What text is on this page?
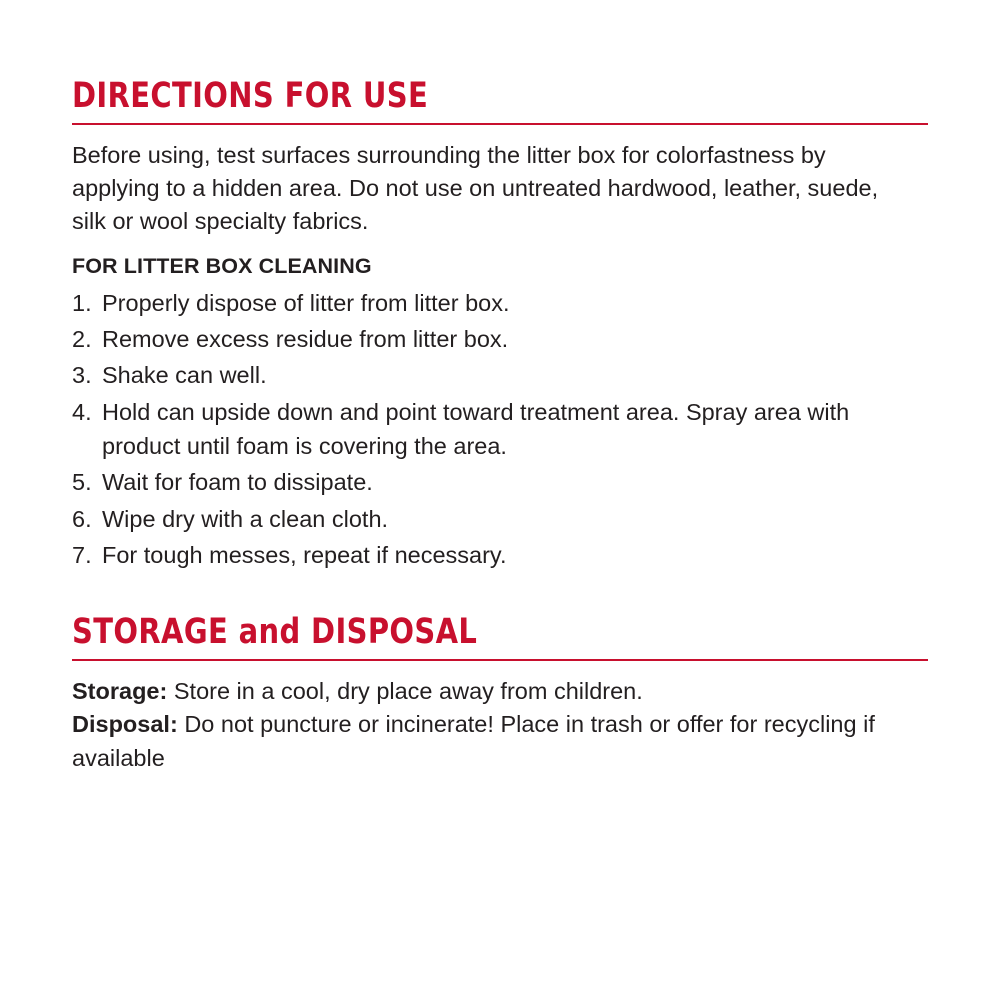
DIRECTIONS FOR USE

Before using, test surfaces surrounding the litter box for colorfastness by applying to a hidden area. Do not use on untreated hardwood, leather, suede, silk or wool specialty fabrics.

FOR LITTER BOX CLEANING
Properly dispose of litter from litter box.
Remove excess residue from litter box.
Shake can well.
Hold can upside down and point toward treatment area. Spray area with product until foam is covering the area.
Wait for foam to dissipate.
Wipe dry with a clean cloth.
For tough messes, repeat if necessary.
STORAGE and DISPOSAL

Storage: Store in a cool, dry place away from children.

Disposal: Do not puncture or incinerate! Place in trash or offer for recycling if available
